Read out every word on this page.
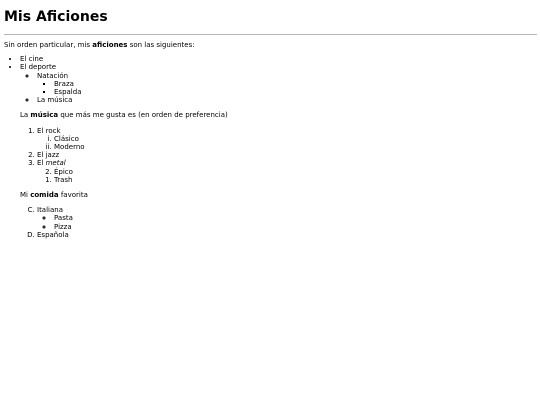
Mis Aficiones

Sin orden particular, mis aficiones son las siguientes:

• El cine
• El deporte
◦ Natación
▪ Braza
▪ Espalda
◦ La música

La música que más me gusta es (en orden de preferencia)

1. El rock
i. Clásico
ii. Moderno
2. El jazz
3. El metal
2. Épico
1. Trash

Mi comida favorita

C. Italiana
◦ Pasta
◦ Pizza
D. Española
